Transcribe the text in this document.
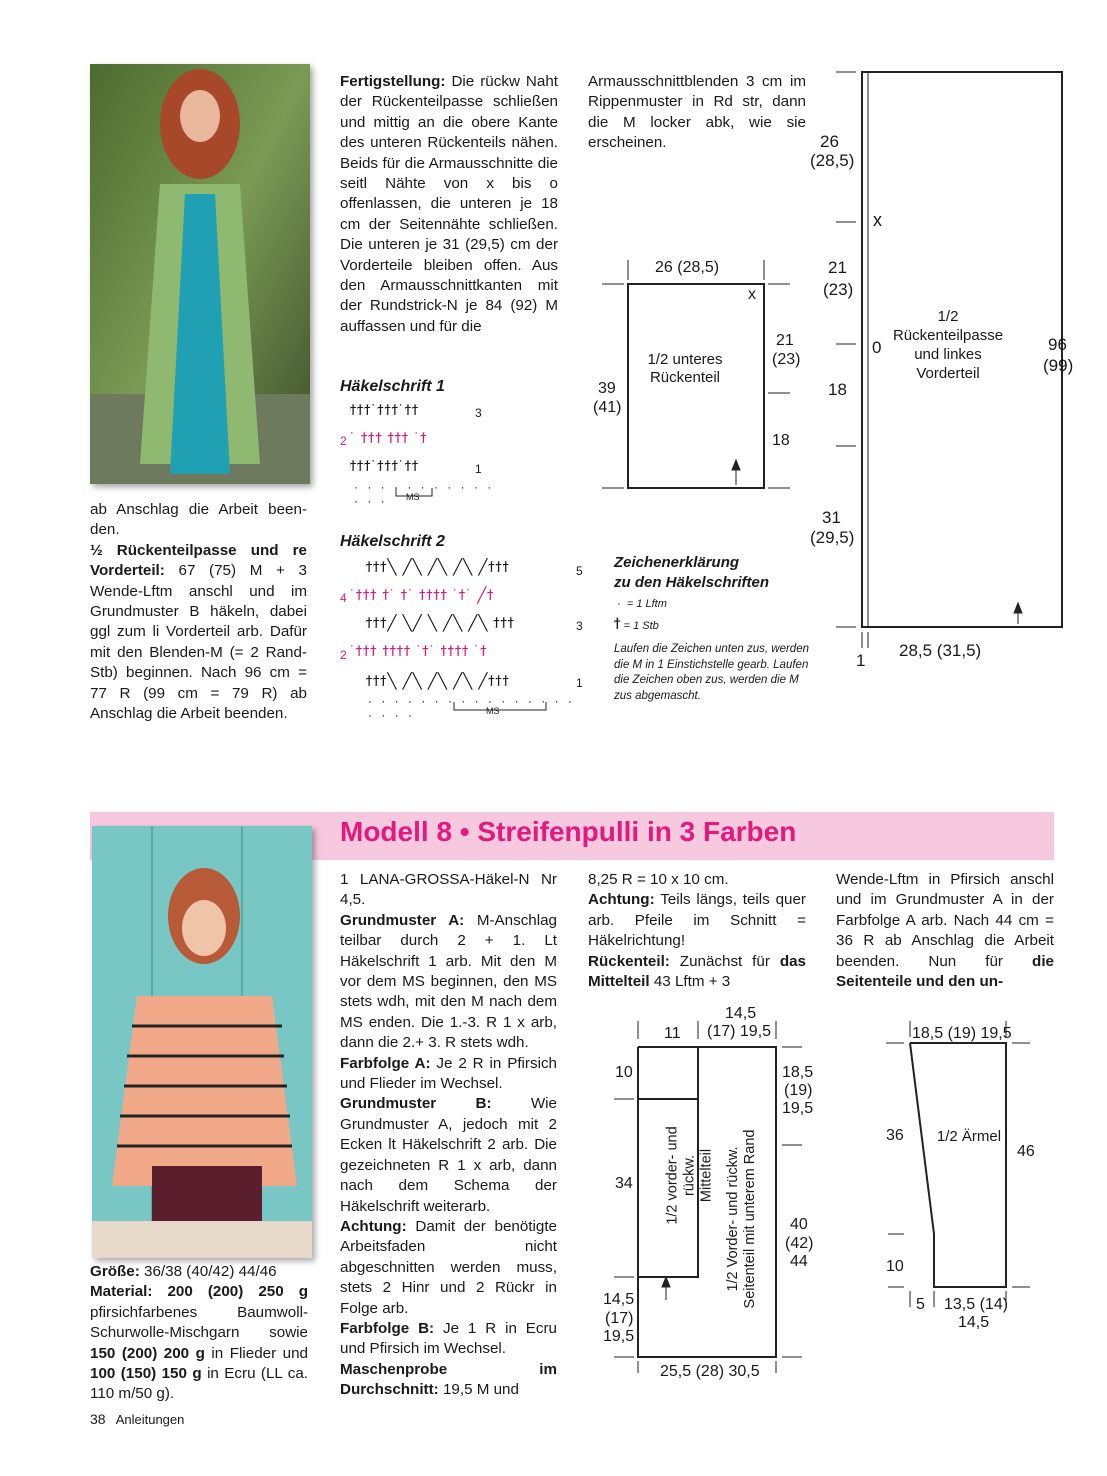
ab Anschlag die Arbeit been-den.

½ Rückenteilpasse und re Vorderteil: 67 (75) M + 3 Wende-Lftm anschl und im Grundmuster B häkeln, dabei ggl zum li Vorderteil arb. Dafür mit den Blenden-M (= 2 Rand-Stb) beginnen. Nach 96 cm = 77 R (99 cm = 79 R) ab Anschlag die Arbeit beenden.

Fertigstellung: Die rückw Naht der Rückenteilpasse schließen und mittig an die obere Kante des unteren Rückenteils nähen. Beids für die Armausschnitte die seitl Nähte von x bis o offenlassen, die unteren je 18 cm der Seitennähte schließen. Die unteren je 31 (29,5) cm der Vorderteile bleiben offen. Aus den Armausschnittkanten mit der Rundstrick-N je 84 (92) M auffassen und für die

Armausschnittblenden 3 cm im Rippenmuster in Rd str, dann die M locker abk, wie sie erscheinen.

Häkelschrift 1
ϯϯϯ˙ϯϯϯ˙ϯϯ
˙ ϯϯϯ ϯϯϯ ˙ϯ
ϯϯϯ˙ϯϯϯ˙ϯϯ
3
2
1
· · · · · · · · · · · · · ·	MS
Häkelschrift 2
ϯϯϯ╲ ╱╲ ╱╲ ╱╲ ╱ϯϯϯ
˙ϯϯϯ ϯ˙ ϯ˙ ϯϯϯϯ ˙ϯ˙ ╱ϯ
ϯϯϯ╱ ╲╱ ╲ ╱╲ ╱╲ ϯϯϯ
˙ϯϯϯ ϯϯϯϯ ˙ϯ˙ ϯϯϯϯ ˙ϯ
ϯϯϯ╲ ╱╲ ╱╲ ╱╲ ╱ϯϯϯ
5
4
3
2
1
· · · · · · · · · · · · · · · · · · · ·	MS
Zeichenerklärung
zu den Häkelschriften
·  = 1 Lftm
ϯ = 1 Stb
Laufen die Zeichen unten zus, werden die M in 1 Einstichstelle gearb. Laufen die Zeichen oben zus, werden die M zus abgemascht.
26 (28,5)
x
39
(41)
21
(23)
18
1/2 unteres
Rückenteil
26
(28,5)
x
21
(23)
0
18
31
(29,5)
28,5 (31,5)
1
96
(99)
1/2
Rückenteilpasse
und linkes
Vorderteil
Modell 8 • Streifenpulli in 3 Farben

Größe: 36/38 (40/42) 44/46

Material: 200 (200) 250 g pfirsichfarbenes Baumwoll-Schurwolle-Mischgarn sowie 150 (200) 200 g in Flieder und 100 (150) 150 g in Ecru (LL ca. 110 m/50 g).

1 LANA-GROSSA-Häkel-N Nr 4,5.

Grundmuster A: M-Anschlag teilbar durch 2 + 1. Lt Häkelschrift 1 arb. Mit den M vor dem MS beginnen, den MS stets wdh, mit den M nach dem MS enden. Die 1.-3. R 1 x arb, dann die 2.+ 3. R stets wdh.

Farbfolge A: Je 2 R in Pfirsich und Flieder im Wechsel.

Grundmuster B:	Wie Grundmuster A, jedoch mit 2 Ecken lt Häkelschrift 2 arb. Die gezeichneten R 1 x arb, dann nach dem Schema der Häkelschrift weiterarb.

Achtung: Damit der benötigte Arbeitsfaden nicht abgeschnitten werden muss, stets 2 Hinr und 2 Rückr in Folge arb.

Farbfolge B: Je 1 R in Ecru und Pfirsich im Wechsel.

Maschenprobe im Durchschnitt: 19,5 M und

8,25 R = 10 x 10 cm.

Achtung: Teils längs, teils quer arb. Pfeile im Schnitt = Häkelrichtung!

Rückenteil: Zunächst für das Mittelteil 43 Lftm + 3

Wende-Lftm in Pfirsich anschl und im Grundmuster A in der Farbfolge A arb. Nach 44 cm = 36 R ab Anschlag die Arbeit beenden. Nun für die Seitenteile und den un-

14,5
(17) 19,5
11
10
34
14,5
(17)
19,5
18,5
(19)
19,5
40
(42)
44
25,5 (28) 30,5
1/2 vorder- und rückw. Mittelteil 1/2 Vorder- und rückw. Seitenteil mit unterem Rand
18,5 (19) 19,5
36
10
46
5 13,5 (14)
14,5
1/2 Ärmel
38 Anleitungen
